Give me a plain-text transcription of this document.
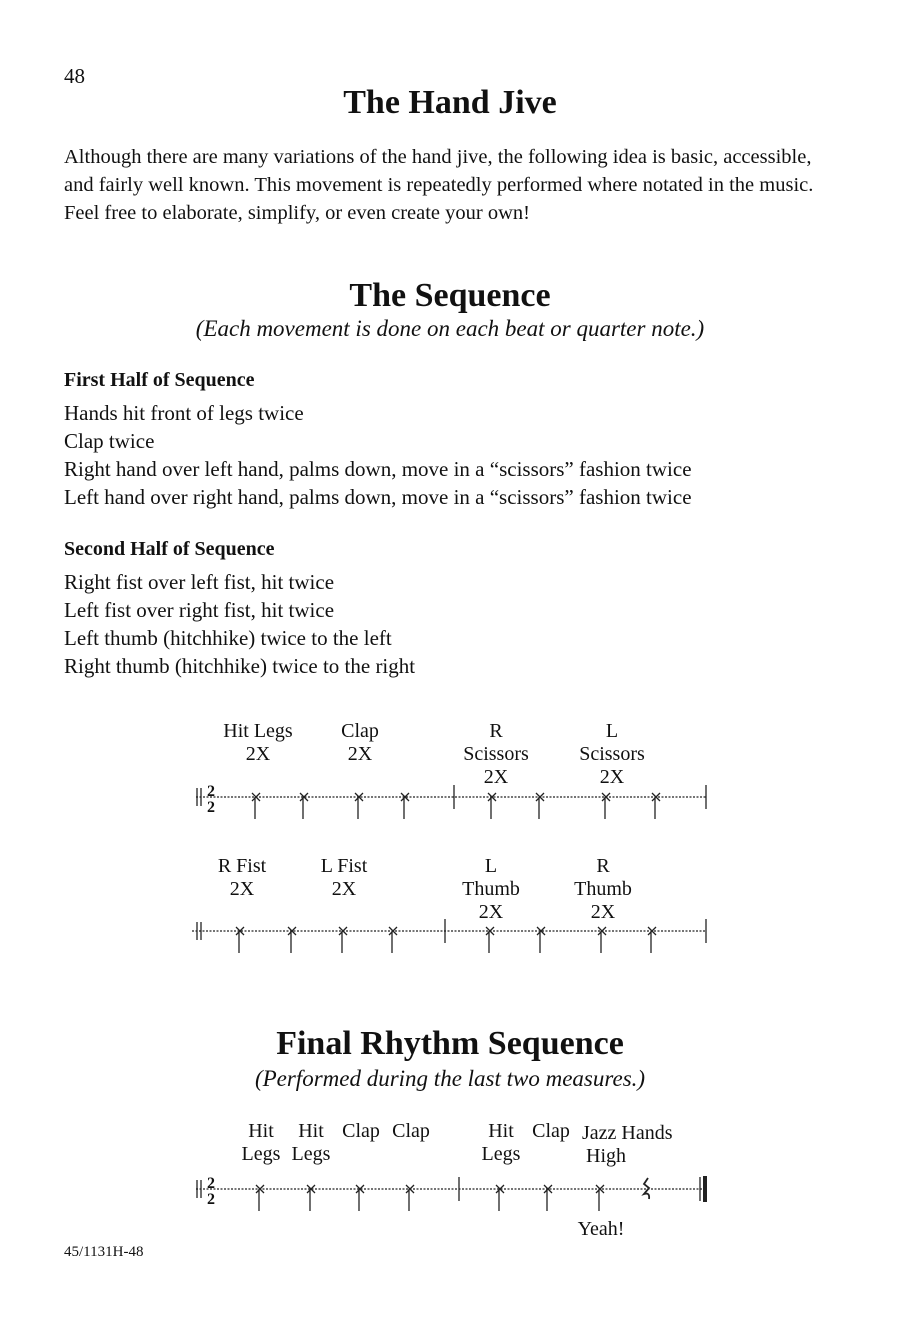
48
The Hand Jive
Although there are many variations of the hand jive, the following idea is basic, accessible, and fairly well known. This movement is repeatedly performed where notated in the music. Feel free to elaborate, simplify, or even create your own!
The Sequence
(Each movement is done on each beat or quarter note.)
First Half of Sequence
Hands hit front of legs twice
Clap twice
Right hand over left hand, palms down, move in a “scissors” fashion twice
Left hand over right hand, palms down, move in a “scissors” fashion twice
Second Half of Sequence
Right fist over left fist, hit twice
Left fist over right fist, hit twice
Left thumb (hitchhike) twice to the left
Right thumb (hitchhike) twice to the right
Hit Legs
2X
Clap
2X
R
Scissors
2X
L
Scissors
2X
R Fist
2X
L Fist
2X
L
Thumb
2X
R
Thumb
2X
Final Rhythm Sequence
(Performed during the last two measures.)
Hit
Legs
Hit
Legs
Clap Clap	Hit
Legs
Clap Jazz Hands
High
Yeah!
45/1131H-48
2
2
2
2
